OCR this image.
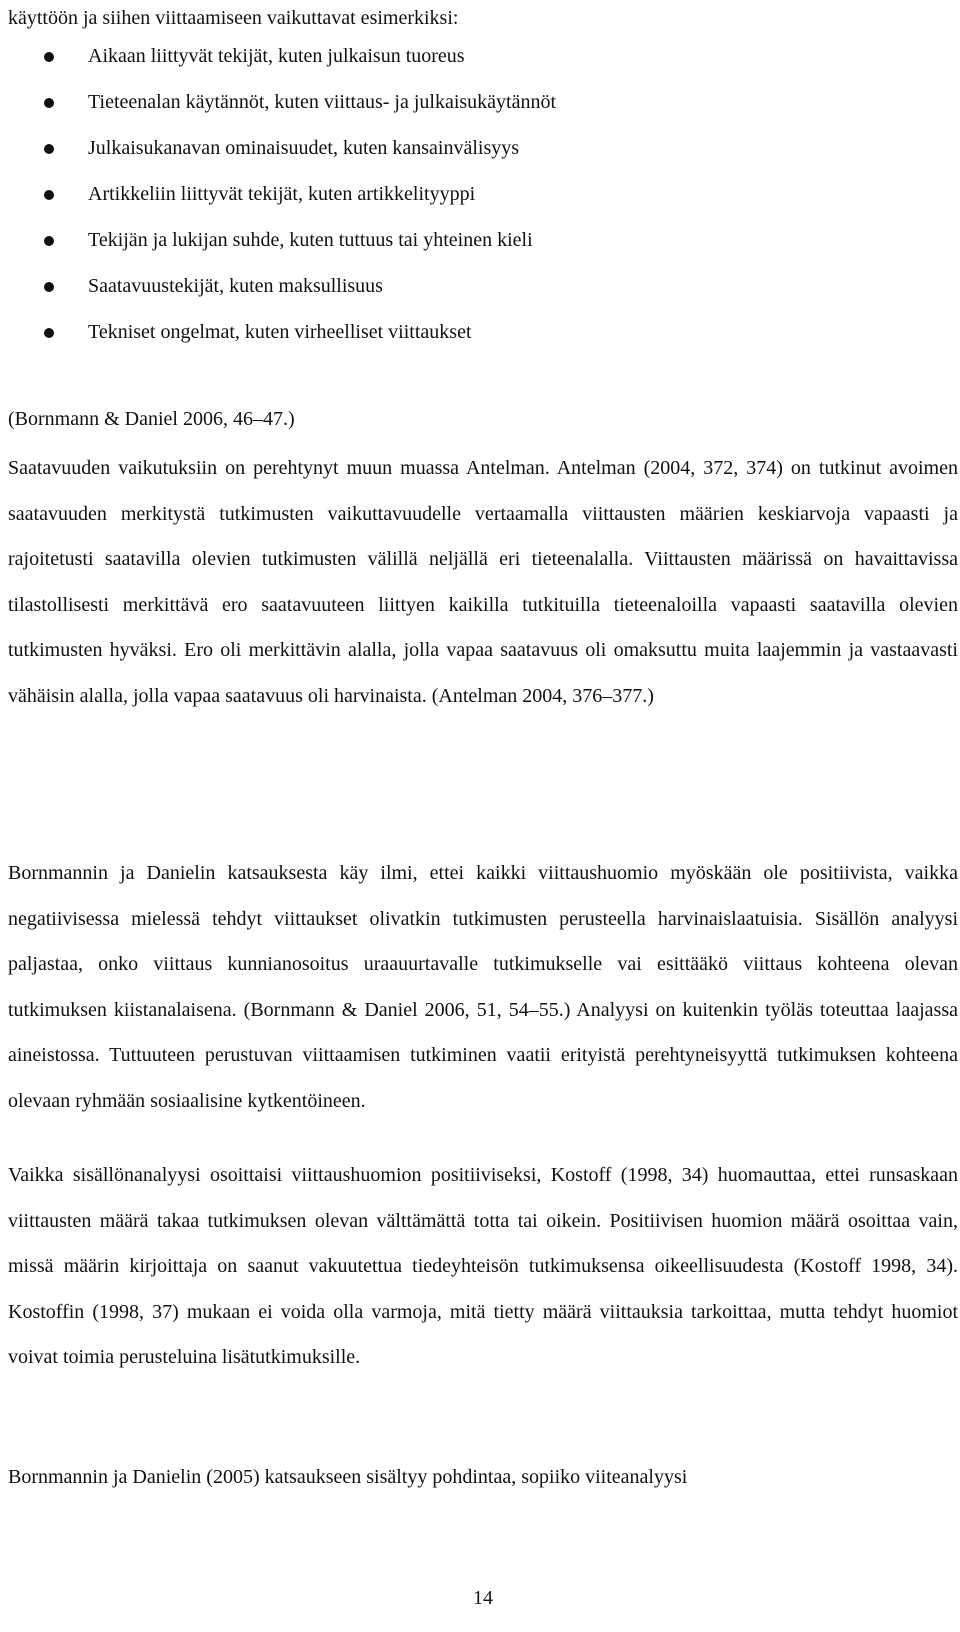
käyttöön ja siihen viittaamiseen vaikuttavat esimerkiksi:
Aikaan liittyvät tekijät, kuten julkaisun tuoreus
Tieteenalan käytännöt, kuten viittaus- ja julkaisukäytännöt
Julkaisukanavan ominaisuudet, kuten kansainvälisyys
Artikkeliin liittyvät tekijät, kuten artikkelityyppi
Tekijän ja lukijan suhde, kuten tuttuus tai yhteinen kieli
Saatavuustekijät, kuten maksullisuus
Tekniset ongelmat, kuten virheelliset viittaukset

(Bornmann & Daniel 2006, 46–47.)

Saatavuuden vaikutuksiin on perehtynyt muun muassa Antelman. Antelman (2004, 372, 374) on tutkinut avoimen saatavuuden merkitystä tutkimusten vaikuttavuudelle vertaamalla viittausten määrien keskiarvoja vapaasti ja rajoitetusti saatavilla olevien tutkimusten välillä neljällä eri tieteenalalla. Viittausten määrissä on havaittavissa tilastollisesti merkittävä ero saatavuuteen liittyen kaikilla tutkituilla tieteenaloilla vapaasti saatavilla olevien tutkimusten hyväksi. Ero oli merkittävin alalla, jolla vapaa saatavuus oli omaksuttu muita laajemmin ja vastaavasti vähäisin alalla, jolla vapaa saatavuus oli harvinaista. (Antelman 2004, 376–377.)

Bornmannin ja Danielin katsauksesta käy ilmi, ettei kaikki viittaushuomio myöskään ole positiivista, vaikka negatiivisessa mielessä tehdyt viittaukset olivatkin tutkimusten perusteella harvinaislaatuisia. Sisällön analyysi paljastaa, onko viittaus kunnianosoitus uraauurtavalle tutkimukselle vai esittääkö viittaus kohteena olevan tutkimuksen kiistanalaisena. (Bornmann & Daniel 2006, 51, 54–55.) Analyysi on kuitenkin työläs toteuttaa laajassa aineistossa. Tuttuuteen perustuvan viittaamisen tutkiminen vaatii erityistä perehtyneisyyttä tutkimuksen kohteena olevaan ryhmään sosiaalisine kytkentöineen.

Vaikka sisällönanalyysi osoittaisi viittaushuomion positiiviseksi, Kostoff (1998, 34) huomauttaa, ettei runsaskaan viittausten määrä takaa tutkimuksen olevan välttämättä totta tai oikein. Positiivisen huomion määrä osoittaa vain, missä määrin kirjoittaja on saanut vakuutettua tiedeyhteisön tutkimuksensa oikeellisuudesta (Kostoff 1998, 34). Kostoffin (1998, 37) mukaan ei voida olla varmoja, mitä tietty määrä viittauksia tarkoittaa, mutta tehdyt huomiot voivat toimia perusteluina lisätutkimuksille.

Bornmannin ja Danielin (2005) katsaukseen sisältyy pohdintaa, sopiiko viiteanalyysi

14
